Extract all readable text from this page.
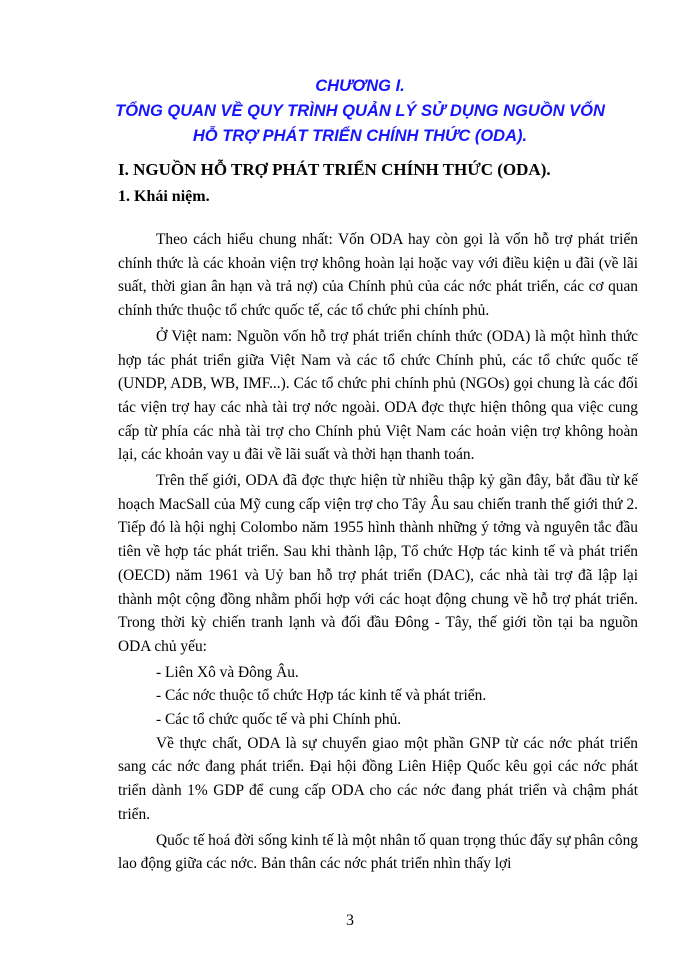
CHƯƠNG I.
TỔNG QUAN VỀ QUY TRÌNH QUẢN LÝ SỬ DỤNG NGUỒN VỐN
HỖ TRỢ PHÁT TRIỂN CHÍNH THỨC (ODA).
I. NGUỒN HỖ TRỢ PHÁT TRIỂN CHÍNH THỨC (ODA).
1. Khái niệm.

Theo cách hiểu chung nhất: Vốn ODA hay còn gọi là vốn hỗ trợ phát triển chính thức là các khoản viện trợ không hoàn lại hoặc vay với điều kiện u đãi (về lãi suất, thời gian ân hạn và trả nợ) của Chính phủ của các nớc phát triển, các cơ quan chính thức thuộc tổ chức quốc tế, các tổ chức phi chính phủ.

Ở Việt nam: Nguồn vốn hỗ trợ phát triển chính thức (ODA) là một hình thức hợp tác phát triển giữa Việt Nam và các tổ chức Chính phủ, các tổ chức quốc tế (UNDP, ADB, WB, IMF...). Các tổ chức phi chính phủ (NGOs) gọi chung là các đối tác viện trợ hay các nhà tài trợ nớc ngoài. ODA đợc thực hiện thông qua việc cung cấp từ phía các nhà tài trợ cho Chính phủ Việt Nam các hoản viện trợ không hoàn lại, các khoản vay u đãi về lãi suất và thời hạn thanh toán.

Trên thế giới, ODA đã đợc thực hiện từ nhiều thập kỷ gần đây, bắt đầu từ kế hoạch MacSall của Mỹ cung cấp viện trợ cho Tây Âu sau chiến tranh thế giới thứ 2. Tiếp đó là hội nghị Colombo năm 1955 hình thành những ý tởng và nguyên tắc đầu tiên về hợp tác phát triển. Sau khi thành lập, Tổ chức Hợp tác kinh tế và phát triển (OECD) năm 1961 và Uỷ ban hỗ trợ phát triển (DAC), các nhà tài trợ đã lập lại thành một cộng đồng nhằm phối hợp với các hoạt động chung về hỗ trợ phát triển. Trong thời kỳ chiến tranh lạnh và đối đầu Đông - Tây, thế giới tồn tại ba nguồn ODA chủ yếu:

- Liên Xô và Đông Âu.
- Các nớc thuộc tổ chức Hợp tác kinh tế và phát triển.
- Các tổ chức quốc tế và phi Chính phủ.

Về thực chất, ODA là sự chuyển giao một phần GNP từ các nớc phát triển sang các nớc đang phát triển. Đại hội đồng Liên Hiệp Quốc kêu gọi các nớc phát triển dành 1% GDP để cung cấp ODA cho các nớc đang phát triển và chậm phát triển.

Quốc tế hoá đời sống kinh tế là một nhân tố quan trọng thúc đẩy sự phân công lao động giữa các nớc. Bản thân các nớc phát triển nhìn thấy lợi

3
